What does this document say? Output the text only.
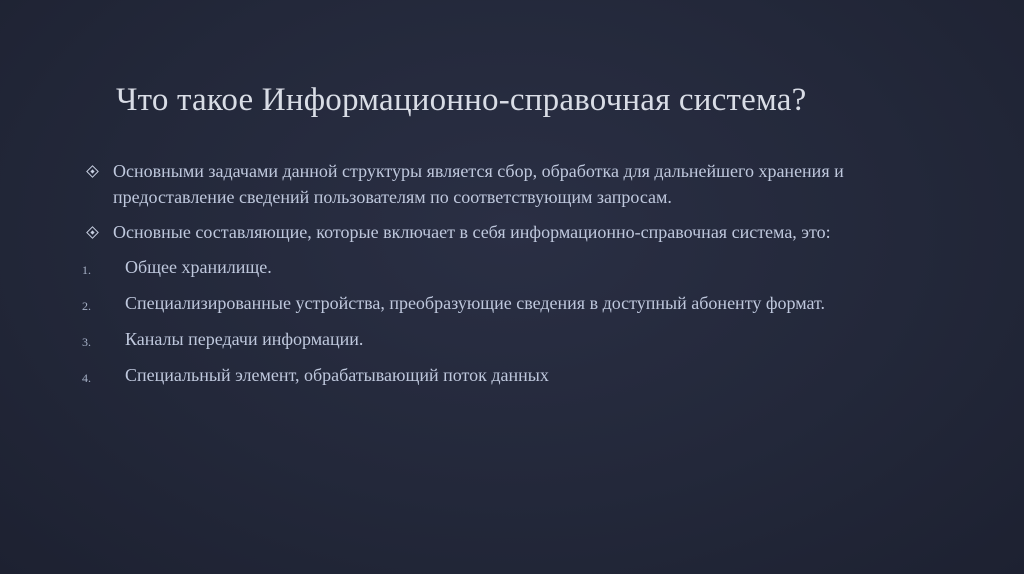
Что такое Информационно-справочная система?
Основными задачами данной структуры является сбор, обработка для дальнейшего хранения и предоставление сведений пользователям по соответствующим запросам.
Основные составляющие, которые включает в себя информационно-справочная система, это:
1. Общее хранилище.
2. Специализированные устройства, преобразующие сведения в доступный абоненту формат.
3. Каналы передачи информации.
4. Специальный элемент, обрабатывающий поток данных
